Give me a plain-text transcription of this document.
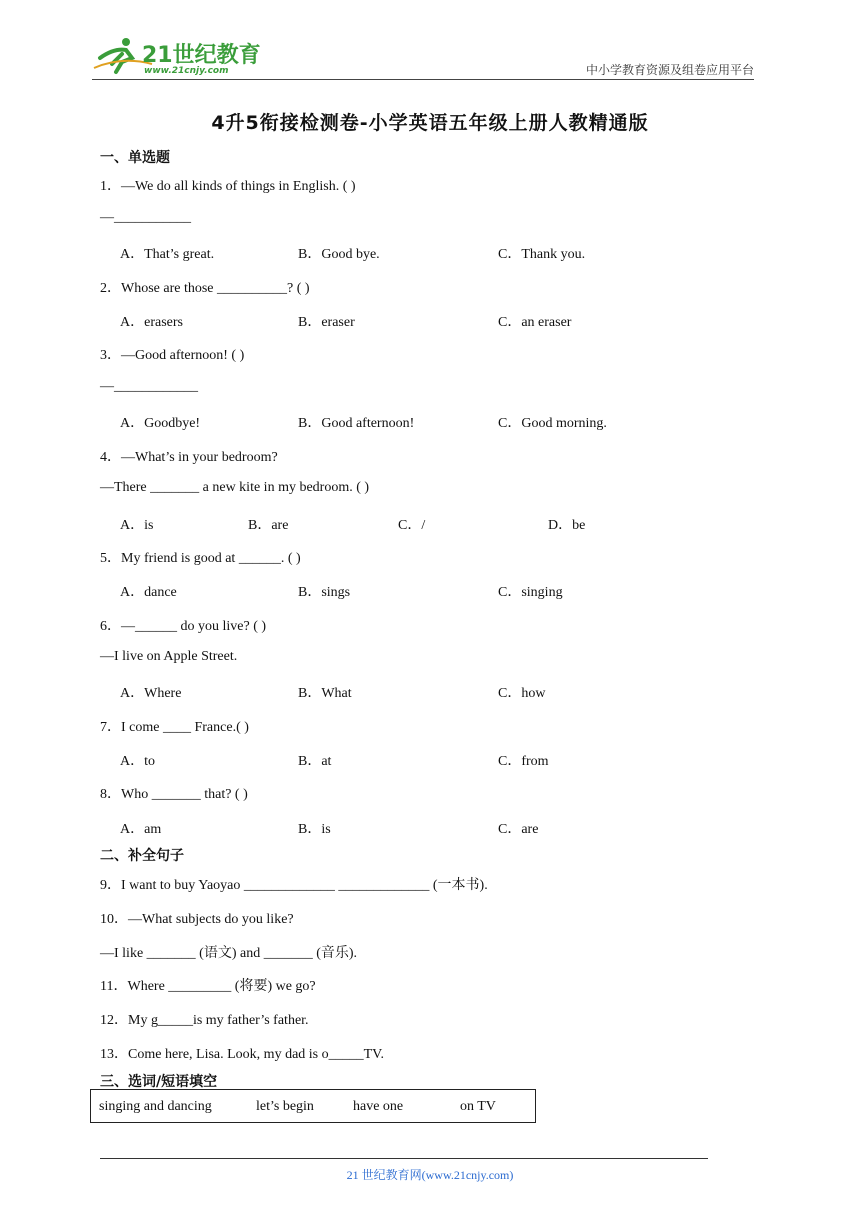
21世纪教育
www.21cnjy.com	中小学教育资源及组卷应用平台
4升5衔接检测卷-小学英语五年级上册人教精通版
一、单选题
1．—We do all kinds of things in English. ( )
—___________
A．That’s great.	B．Good bye.	C．Thank you.
2．Whose are those __________? ( )
A．erasers	B．eraser	C．an eraser
3．—Good afternoon! ( )
—____________
A．Goodbye!	B．Good afternoon!	C．Good morning.
4．—What’s in your bedroom?
—There _______ a new kite in my bedroom. ( )
A．is	B．are	C．/	D．be
5．My friend is good at ______. ( )
A．dance	B．sings	C．singing
6．—______ do you live? ( )
—I live on Apple Street.
A．Where	B．What	C．how
7．I come ____ France.( )
A．to	B．at	C．from
8．Who _______ that? ( )
A．am	B．is	C．are
二、补全句子
9．I want to buy Yaoyao _____________ _____________ (一本书).
10．—What subjects do you like?
—I like _______ (语文) and _______ (音乐).
11．Where _________ (将要) we go?
12．My g_____is my father’s father.
13．Come here, Lisa. Look, my dad is o_____TV.
三、选词/短语填空
singing and dancing	let’s begin	have one	on TV
21 世纪教育网(www.21cnjy.com)
